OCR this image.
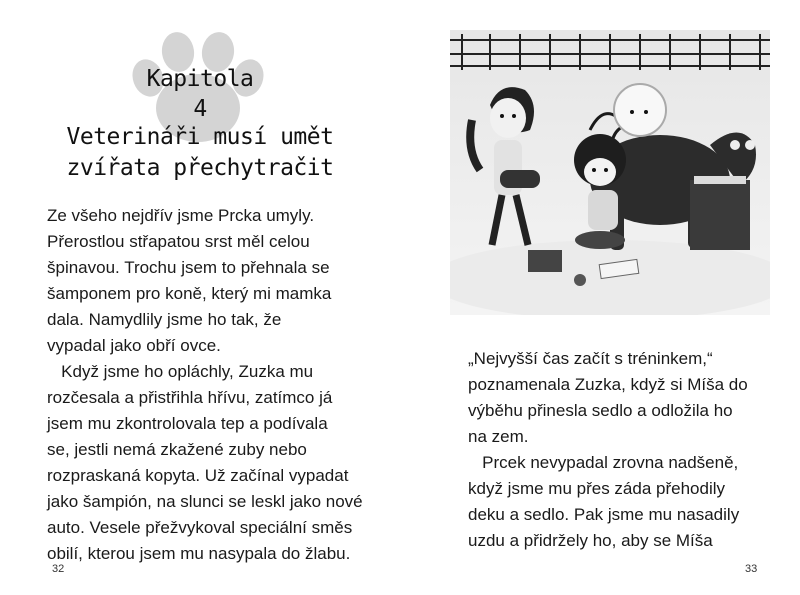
Kapitola
4
Veterináři musí umět
zvířata přechytračit

Ze všeho nejdřív jsme Prcka umyly.
Přerostlou střapatou srst měl celou
špinavou. Trochu jsem to přehnala se
šamponem pro koně, který mi mamka
dala. Namydlily jsme ho tak, že
vypadal jako obří ovce.
Když jsme ho opláchly, Zuzka mu
rozčesala a přistřihla hřívu, zatímco já
jsem mu zkontrolovala tep a podívala
se, jestli nemá zkažené zuby nebo
rozpraskaná kopyta. Už začínal vypadat
jako šampión, na slunci se leskl jako nové
auto. Vesele přežvykoval speciální směs
obilí, kterou jsem mu nasypala do žlabu.

32

„Nejvyšší čas začít s tréninkem,“
poznamenala Zuzka, když si Míša do
výběhu přinesla sedlo a odložila ho
na zem.
Prcek nevypadal zrovna nadšeně,
když jsme mu přes záda přehodily
deku a sedlo. Pak jsme mu nasadily
uzdu a přidržely ho, aby se Míša

33
